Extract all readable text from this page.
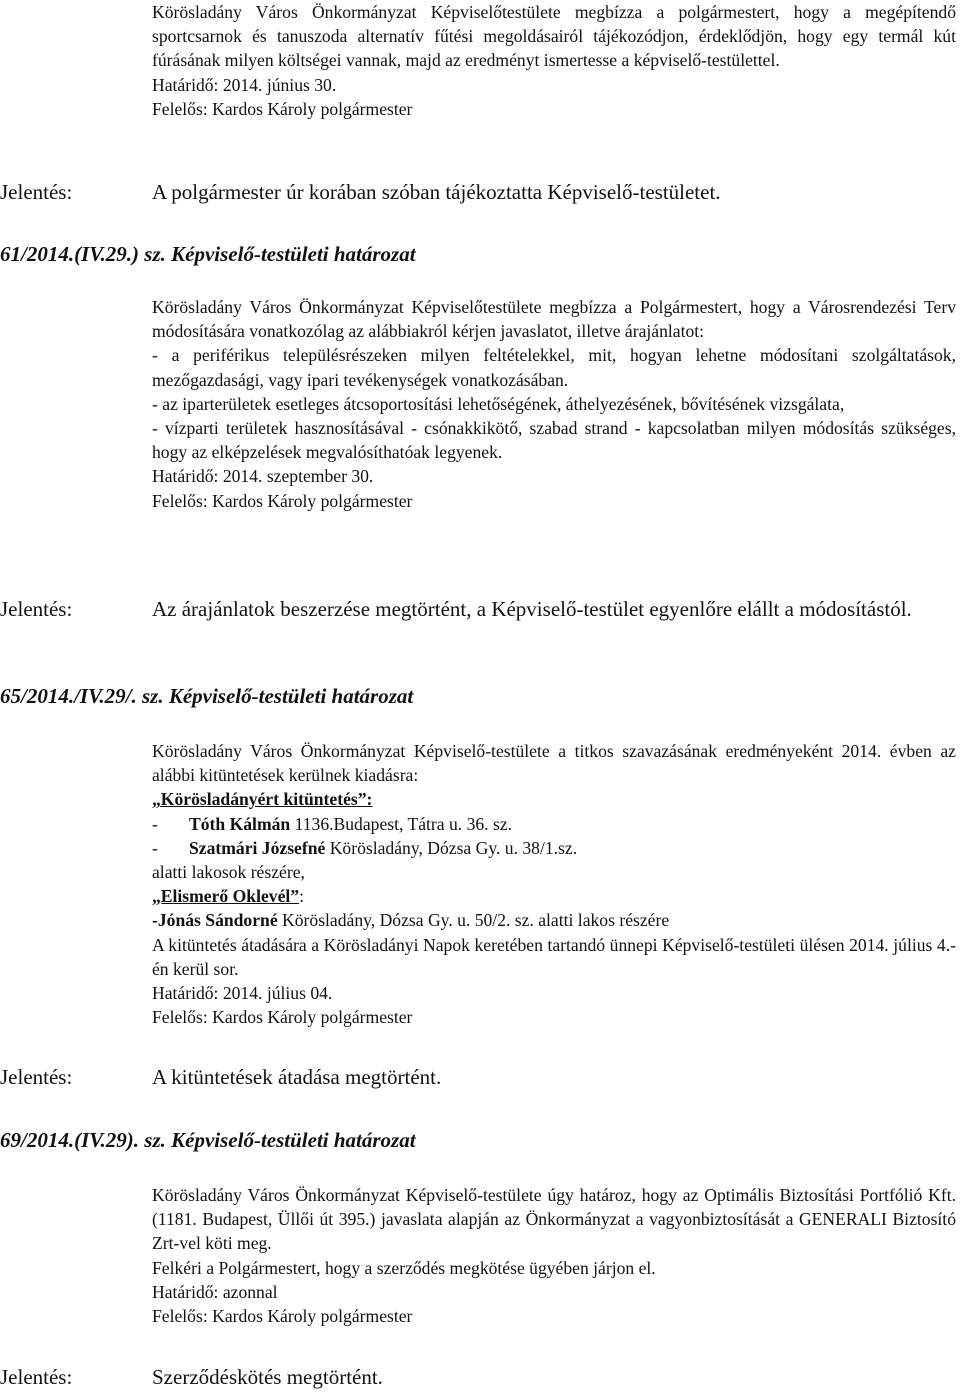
Körösladány Város Önkormányzat Képviselőtestülete megbízza a polgármestert, hogy a megépítendő sportcsarnok és tanuszoda alternatív fűtési megoldásairól tájékozódjon, érdeklődjön, hogy egy termál kút fúrásának milyen költségei vannak, majd az eredményt ismertesse a képviselő-testülettel.

Határidő: 2014. június 30.

Felelős: Kardos Károly polgármester

Jelentés:	A polgármester úr korában szóban tájékoztatta Képviselő-testületet.
61/2014.(IV.29.) sz. Képviselő-testületi határozat

Körösladány Város Önkormányzat Képviselőtestülete megbízza a Polgármestert, hogy a Városrendezési Terv módosítására vonatkozólag az alábbiakról kérjen javaslatot, illetve árajánlatot:

- a periférikus településrészeken milyen feltételekkel, mit, hogyan lehetne módosítani szolgáltatások, mezőgazdasági, vagy ipari tevékenységek vonatkozásában.

- az iparterületek esetleges átcsoportosítási lehetőségének, áthelyezésének, bővítésének vizsgálata,

- vízparti területek hasznosításával - csónakkikötő, szabad strand - kapcsolatban milyen módosítás szükséges, hogy az elképzelések megvalósíthatóak legyenek.

Határidő: 2014. szeptember 30.

Felelős: Kardos Károly polgármester

Jelentés:	Az árajánlatok beszerzése megtörtént, a Képviselő-testület egyenlőre elállt a módosítástól.
65/2014./IV.29/. sz. Képviselő-testületi határozat

Körösladány Város Önkormányzat Képviselő-testülete a titkos szavazásának eredményeként 2014. évben az alábbi kitüntetések kerülnek kiadásra:

„Körösladányért kitüntetés”:

- Tóth Kálmán 1136.Budapest, Tátra u. 36. sz.

- Szatmári Józsefné Körösladány, Dózsa Gy. u. 38/1.sz.

alatti lakosok részére,

„Elismerő Oklevél”:

-Jónás Sándorné Körösladány, Dózsa Gy. u. 50/2. sz. alatti lakos részére

A kitüntetés átadására a Körösladányi Napok keretében tartandó ünnepi Képviselő-testületi ülésen 2014. július 4.-én kerül sor.

Határidő: 2014. július 04.

Felelős: Kardos Károly polgármester

Jelentés:	A kitüntetések átadása megtörtént.
69/2014.(IV.29). sz. Képviselő-testületi határozat

Körösladány Város Önkormányzat Képviselő-testülete úgy határoz, hogy az Optimális Biztosítási Portfólió Kft. (1181. Budapest, Üllői út 395.) javaslata alapján az Önkormányzat a vagyonbiztosítását a GENERALI Biztosító Zrt-vel köti meg.

Felkéri a Polgármestert, hogy a szerződés megkötése ügyében járjon el.

Határidő: azonnal

Felelős: Kardos Károly polgármester

Jelentés:	Szerződéskötés megtörtént.
